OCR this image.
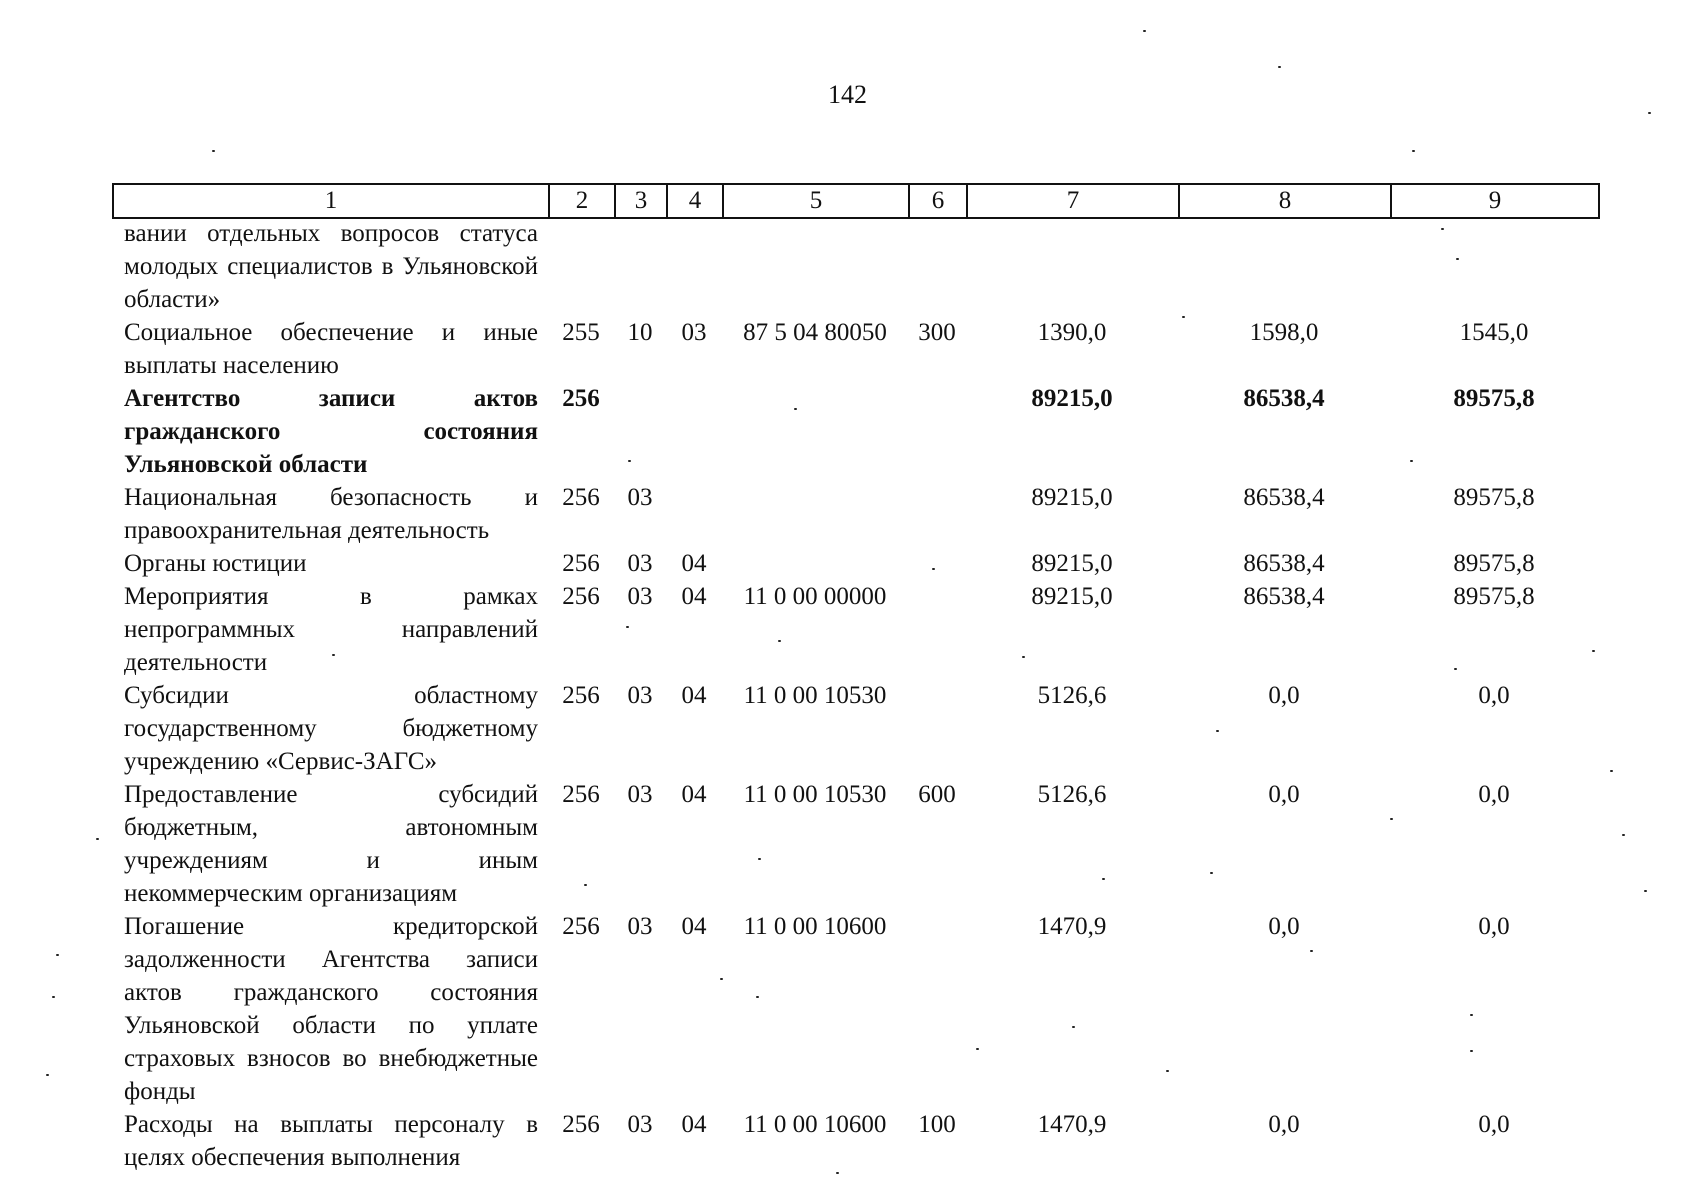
142
1	2	3	4	5	6	7	8	9
вании отдельных вопросов статуса молодых специалистов в Ульяновской области»								
Социальное обеспечение и иные выплаты населению	255	10	03	87 5 04 80050	300	1390,0	1598,0	1545,0
Агентство записи актов гражданского состояния Ульяновской области	256					89215,0	86538,4	89575,8
Национальная безопасность и правоохранительная деятельность	256	03				89215,0	86538,4	89575,8
Органы юстиции	256	03	04			89215,0	86538,4	89575,8
Мероприятия в рамках непрограммных направлений деятельности	256	03	04	11 0 00 00000		89215,0	86538,4	89575,8
Субсидии областному государственному бюджетному учреждению «Сервис-ЗАГС»	256	03	04	11 0 00 10530		5126,6	0,0	0,0
Предоставление субсидий бюджетным, автономным учреждениям и иным некоммерческим организациям	256	03	04	11 0 00 10530	600	5126,6	0,0	0,0
Погашение кредиторской задолженности Агентства записи актов гражданского состояния Ульяновской области по уплате страховых взносов во внебюджетные фонды	256	03	04	11 0 00 10600		1470,9	0,0	0,0
Расходы на выплаты персоналу в целях обеспечения выполнения	256	03	04	11 0 00 10600	100	1470,9	0,0	0,0
